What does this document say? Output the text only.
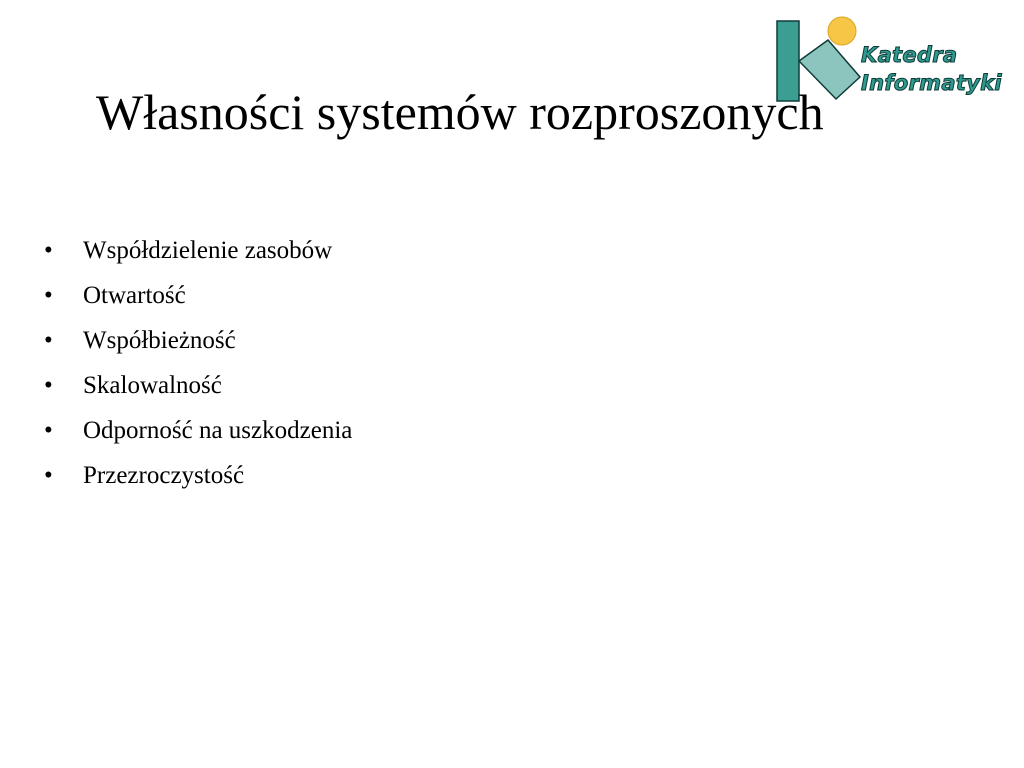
Katedra
Informatyki
Własności systemów rozproszonych
•	Współdzielenie zasobów
•	Otwartość
•	Współbieżność
•	Skalowalność
•	Odporność na uszkodzenia
•	Przezroczystość
